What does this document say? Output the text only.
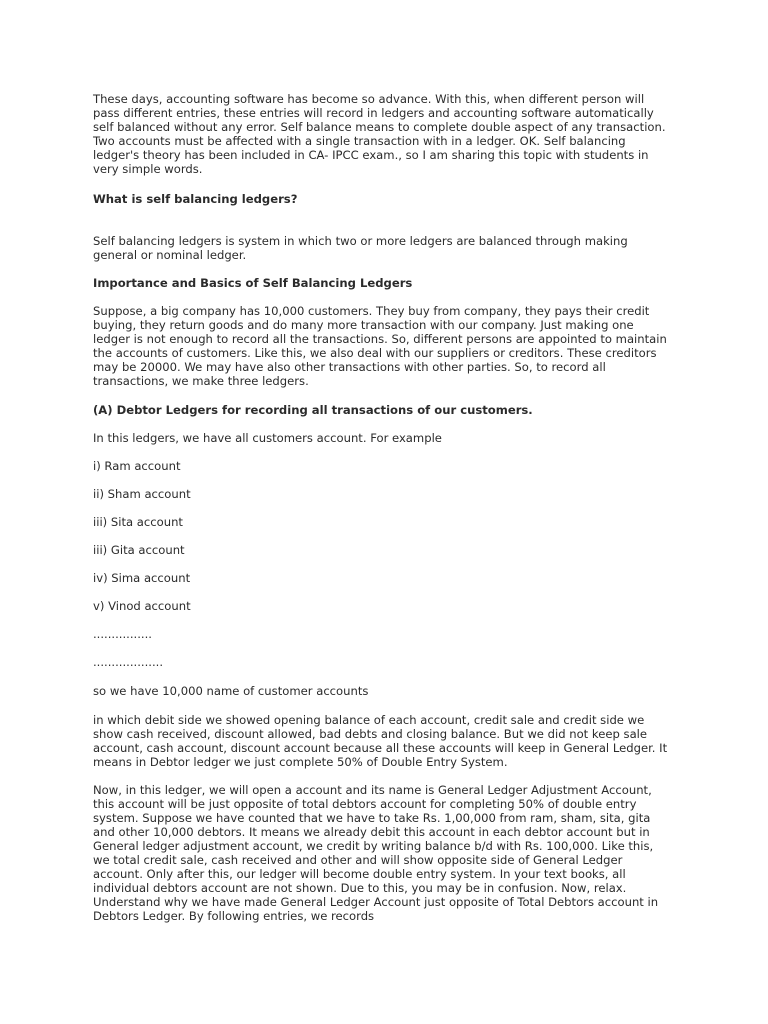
These days, accounting software has become so advance. With this, when different person will
pass different entries, these entries will record in ledgers and accounting software automatically
self balanced without any error. Self balance means to complete double aspect of any transaction.
Two accounts must be affected with a single transaction with in a ledger. OK. Self balancing
ledger's theory has been included in CA- IPCC exam., so I am sharing this topic with students in
very simple words.

What is self balancing ledgers?

Self balancing ledgers is system in which two or more ledgers are balanced through making
general or nominal ledger.

Importance and Basics of Self Balancing Ledgers

Suppose, a big company has 10,000 customers. They buy from company, they pays their credit
buying, they return goods and do many more transaction with our company. Just making one
ledger is not enough to record all the transactions. So, different persons are appointed to maintain
the accounts of customers. Like this, we also deal with our suppliers or creditors. These creditors
may be 20000. We may have also other transactions with other parties. So, to record all
transactions, we make three ledgers.

(A) Debtor Ledgers for recording all transactions of our customers.

In this ledgers, we have all customers account. For example

i) Ram account

ii) Sham account

iii) Sita account

iii) Gita account

iv) Sima account

v) Vinod account

................

...................

so we have 10,000 name of customer accounts

in which debit side we showed opening balance of each account, credit sale and credit side we
show cash received, discount allowed, bad debts and closing balance. But we did not keep sale
account, cash account, discount account because all these accounts will keep in General Ledger. It
means in Debtor ledger we just complete 50% of Double Entry System.

Now, in this ledger, we will open a account and its name is General Ledger Adjustment Account,
this account will be just opposite of total debtors account for completing 50% of double entry
system. Suppose we have counted that we have to take Rs. 1,00,000 from ram, sham, sita, gita
and other 10,000 debtors. It means we already debit this account in each debtor account but in
General ledger adjustment account, we credit by writing balance b/d with Rs. 100,000. Like this,
we total credit sale, cash received and other and will show opposite side of General Ledger
account. Only after this, our ledger will become double entry system. In your text books, all
individual debtors account are not shown. Due to this, you may be in confusion. Now, relax.
Understand why we have made General Ledger Account just opposite of Total Debtors account in
Debtors Ledger. By following entries, we records
